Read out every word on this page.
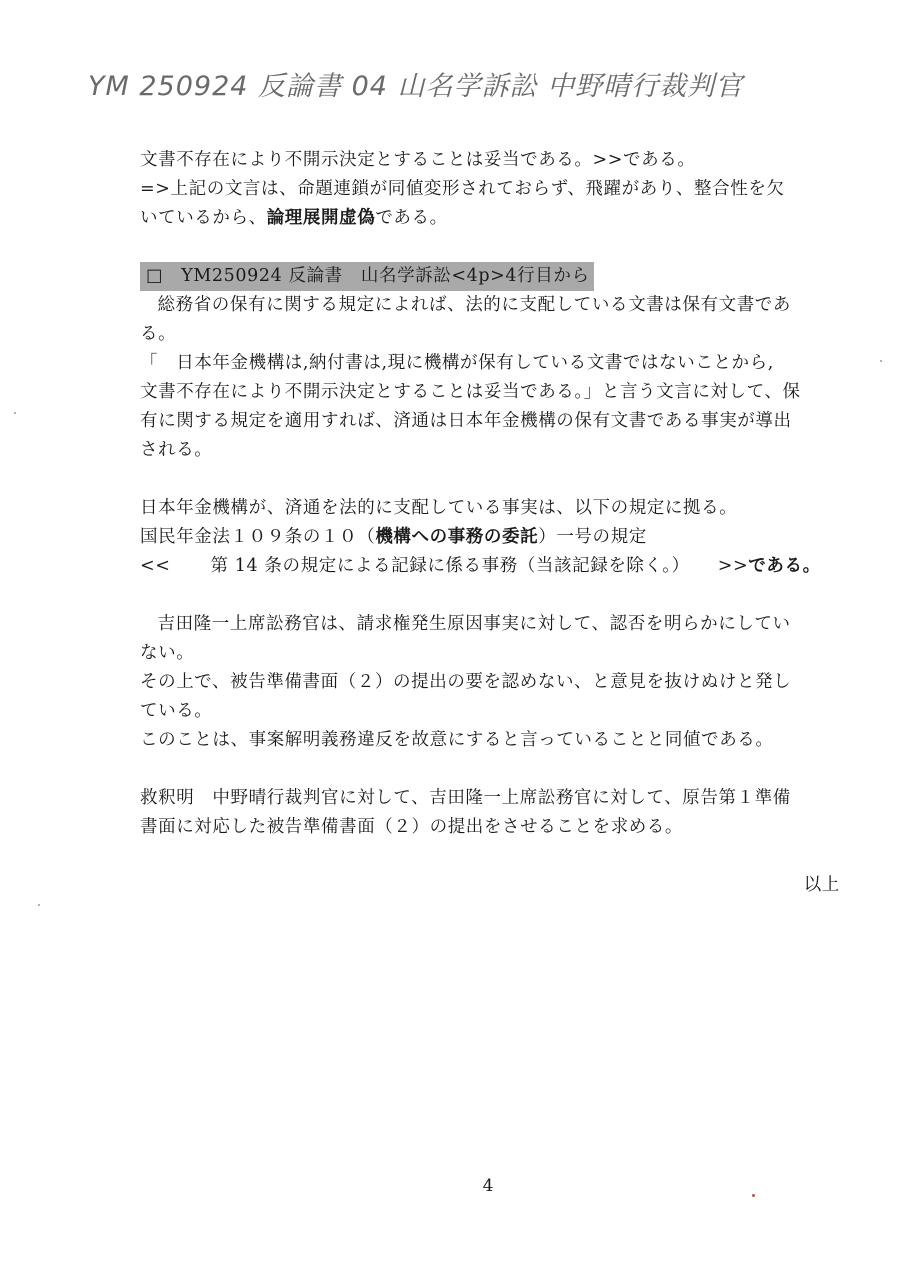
YM 250924 反論書 04 山名学訴訟 中野晴行裁判官

文書不存在により不開示決定とすることは妥当である。>>である。

=>上記の文言は、命題連鎖が同値変形されておらず、飛躍があり、整合性を欠

いているから、論理展開虚偽である。

□　YM250924 反論書　山名学訴訟<4p>4行目から

総務省の保有に関する規定によれば、法的に支配している文書は保有文書であ

る。

「　日本年金機構は,納付書は,現に機構が保有している文書ではないことから,

文書不存在により不開示決定とすることは妥当である。」と言う文言に対して、保

有に関する規定を適用すれば、済通は日本年金機構の保有文書である事実が導出

される。

日本年金機構が、済通を法的に支配している事実は、以下の規定に拠る。

国民年金法１０９条の１０（機構への事務の委託）一号の規定

<< 第 14 条の規定による記録に係る事務（当該記録を除く。） >>である。

吉田隆一上席訟務官は、請求権発生原因事実に対して、認否を明らかにしてい

ない。

その上で、被告準備書面（２）の提出の要を認めない、と意見を抜けぬけと発し

ている。

このことは、事案解明義務違反を故意にすると言っていることと同値である。

救釈明　中野晴行裁判官に対して、吉田隆一上席訟務官に対して、原告第１準備

書面に対応した被告準備書面（２）の提出をさせることを求める。

以上

4
